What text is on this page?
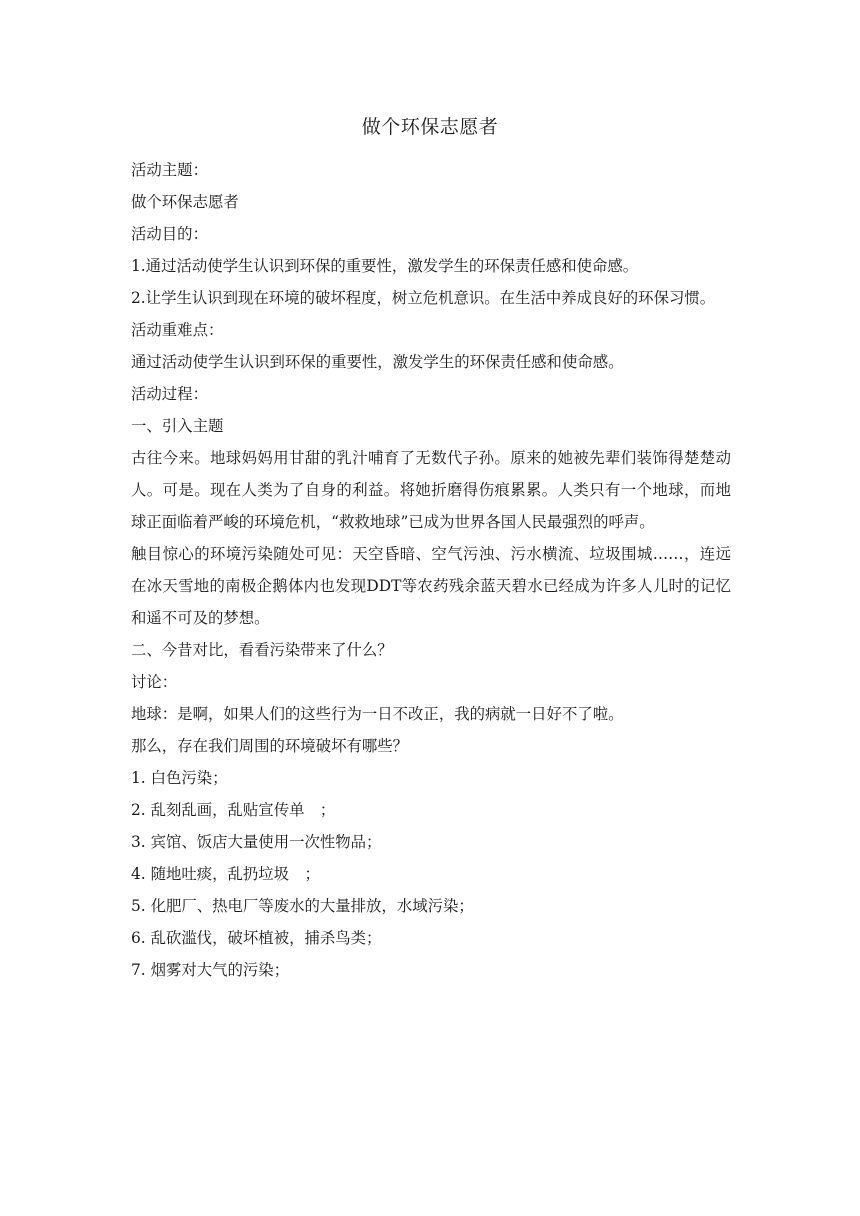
做个环保志愿者

活动主题：

做个环保志愿者

活动目的：

1.通过活动使学生认识到环保的重要性，激发学生的环保责任感和使命感。

2.让学生认识到现在环境的破坏程度，树立危机意识。在生活中养成良好的环保习惯。

活动重难点：

通过活动使学生认识到环保的重要性，激发学生的环保责任感和使命感。

活动过程：

一、引入主题

古往今来。地球妈妈用甘甜的乳汁哺育了无数代子孙。原来的她被先辈们装饰得楚楚动人。可是。现在人类为了自身的利益。将她折磨得伤痕累累。人类只有一个地球，而地球正面临着严峻的环境危机，“救救地球”已成为世界各国人民最强烈的呼声。

触目惊心的环境污染随处可见：天空昏暗、空气污浊、污水横流、垃圾围城……，连远在冰天雪地的南极企鹅体内也发现DDT等农药残余蓝天碧水已经成为许多人儿时的记忆和遥不可及的梦想。

二、今昔对比，看看污染带来了什么？

讨论：

地球：是啊，如果人们的这些行为一日不改正，我的病就一日好不了啦。

那么，存在我们周围的环境破坏有哪些？

1. 白色污染；

2. 乱刻乱画，乱贴宣传单　；

3. 宾馆、饭店大量使用一次性物品；

4. 随地吐痰，乱扔垃圾　；

5. 化肥厂、热电厂等废水的大量排放，水域污染；

6. 乱砍滥伐，破坏植被，捕杀鸟类；

7. 烟雾对大气的污染；
